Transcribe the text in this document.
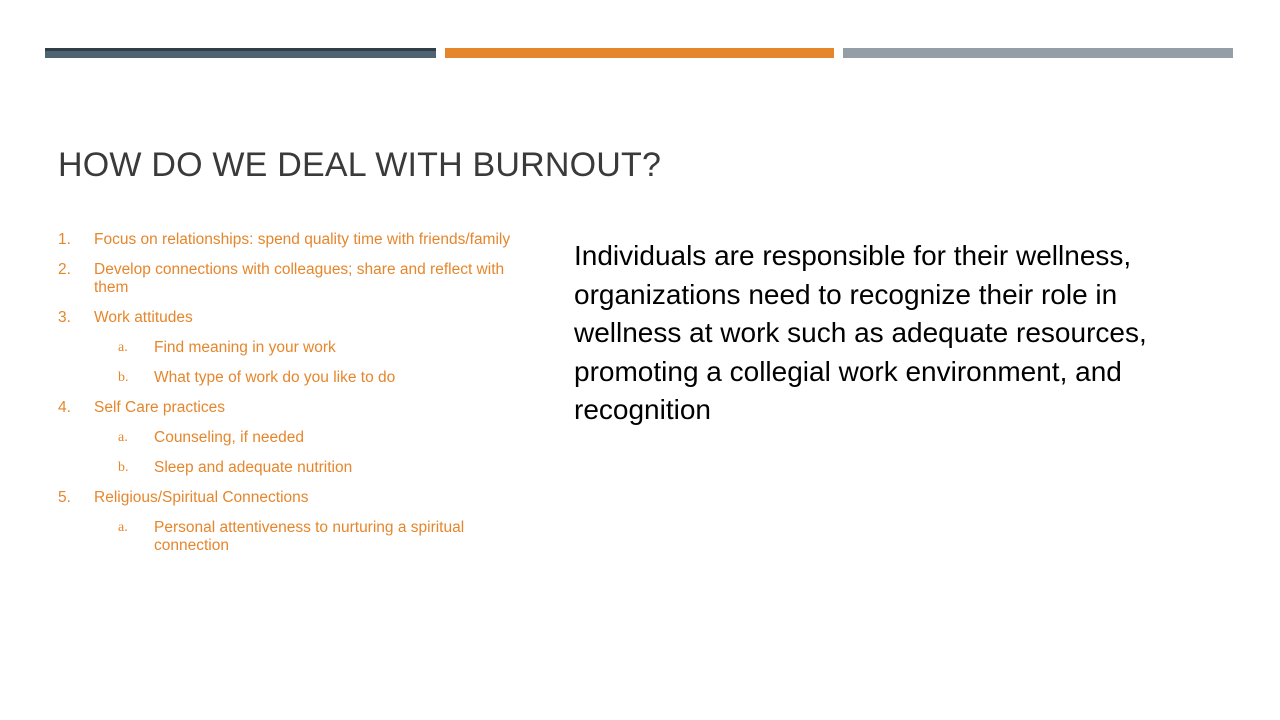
HOW DO WE DEAL WITH BURNOUT?
1.	Focus on relationships: spend quality time with friends/family
2.	Develop connections with colleagues; share and reflect with them
3.	Work attitudes
a.	Find meaning in your work
b.	What type of work do you like to do
4.	Self Care practices
a.	Counseling, if needed
b.	Sleep and adequate nutrition
5.	Religious/Spiritual Connections
a.	Personal attentiveness to nurturing a spiritual connection
Individuals are responsible for their wellness, organizations need to recognize their role in wellness at work such as adequate resources, promoting a collegial work environment, and recognition
